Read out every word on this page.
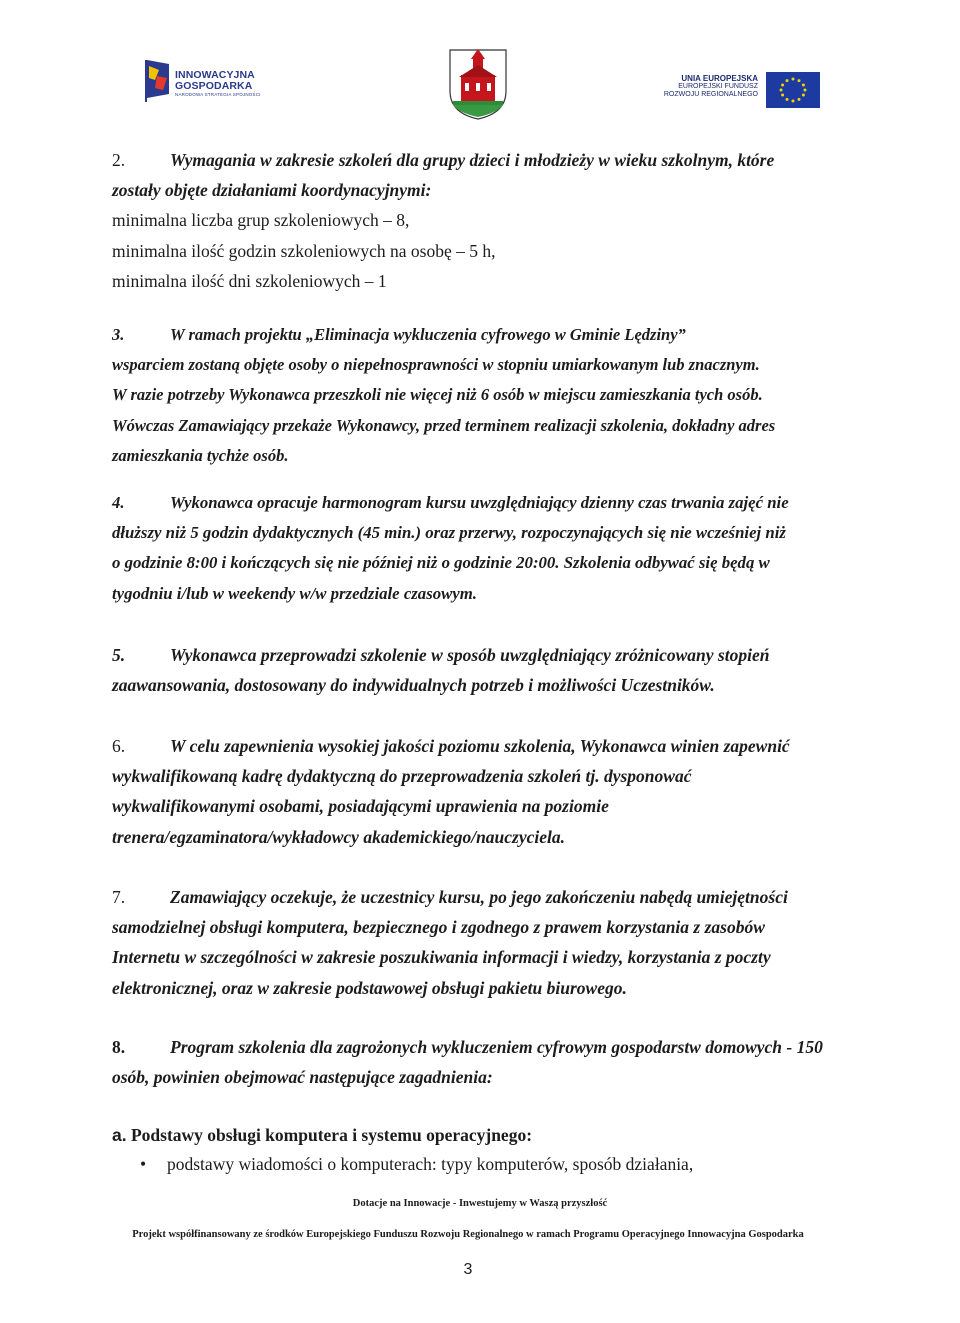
INNOWACYJNA
GOSPODARKA
NARODOWA STRATEGIA SPÓJNOŚCI
UNIA EUROPEJSKA
EUROPEJSKI FUNDUSZ
ROZWOJU REGIONALNEGO
2.	Wymagania w zakresie szkoleń dla grupy dzieci i młodzieży w wieku szkolnym, które
zostały objęte działaniami koordynacyjnymi:
minimalna liczba grup szkoleniowych – 8,
minimalna ilość godzin szkoleniowych na osobę – 5 h,
minimalna ilość dni szkoleniowych – 1
3.	W ramach projektu „Eliminacja wykluczenia cyfrowego w Gminie Lędziny”
wsparciem zostaną objęte osoby o niepełnosprawności w stopniu umiarkowanym lub znacznym.
W razie potrzeby Wykonawca przeszkoli nie więcej niż 6 osób w miejscu zamieszkania tych osób.
Wówczas Zamawiający przekaże Wykonawcy, przed terminem realizacji szkolenia, dokładny adres
zamieszkania tychże osób.
4.	Wykonawca opracuje harmonogram kursu uwzględniający dzienny czas trwania zajęć nie
dłuższy niż 5 godzin dydaktycznych (45 min.) oraz przerwy, rozpoczynających się nie wcześniej niż
o godzinie 8:00 i kończących się nie później niż o godzinie 20:00. Szkolenia odbywać się będą w
tygodniu i/lub w weekendy w/w przedziale czasowym.
5.	Wykonawca przeprowadzi szkolenie w sposób uwzględniający zróżnicowany stopień
zaawansowania, dostosowany do indywidualnych potrzeb i możliwości Uczestników.
6.	W celu zapewnienia wysokiej jakości poziomu szkolenia, Wykonawca winien zapewnić
wykwalifikowaną kadrę dydaktyczną do przeprowadzenia szkoleń tj. dysponować
wykwalifikowanymi osobami, posiadającymi uprawienia na poziomie
trenera/egzaminatora/wykładowcy akademickiego/nauczyciela.
7.	Zamawiający oczekuje, że uczestnicy kursu, po jego zakończeniu nabędą umiejętności
samodzielnej obsługi komputera, bezpiecznego i zgodnego z prawem korzystania z zasobów
Internetu w szczególności w zakresie poszukiwania informacji i wiedzy, korzystania z poczty
elektronicznej, oraz w zakresie podstawowej obsługi pakietu biurowego.
8.	Program szkolenia dla zagrożonych wykluczeniem cyfrowym gospodarstw domowych - 150
osób, powinien obejmować następujące zagadnienia:
a. Podstawy obsługi komputera i systemu operacyjnego:
• podstawy wiadomości o komputerach: typy komputerów, sposób działania,
Dotacje na Innowacje - Inwestujemy w Waszą przyszłość
Projekt współfinansowany ze środków Europejskiego Funduszu Rozwoju Regionalnego w ramach Programu Operacyjnego Innowacyjna Gospodarka
3
